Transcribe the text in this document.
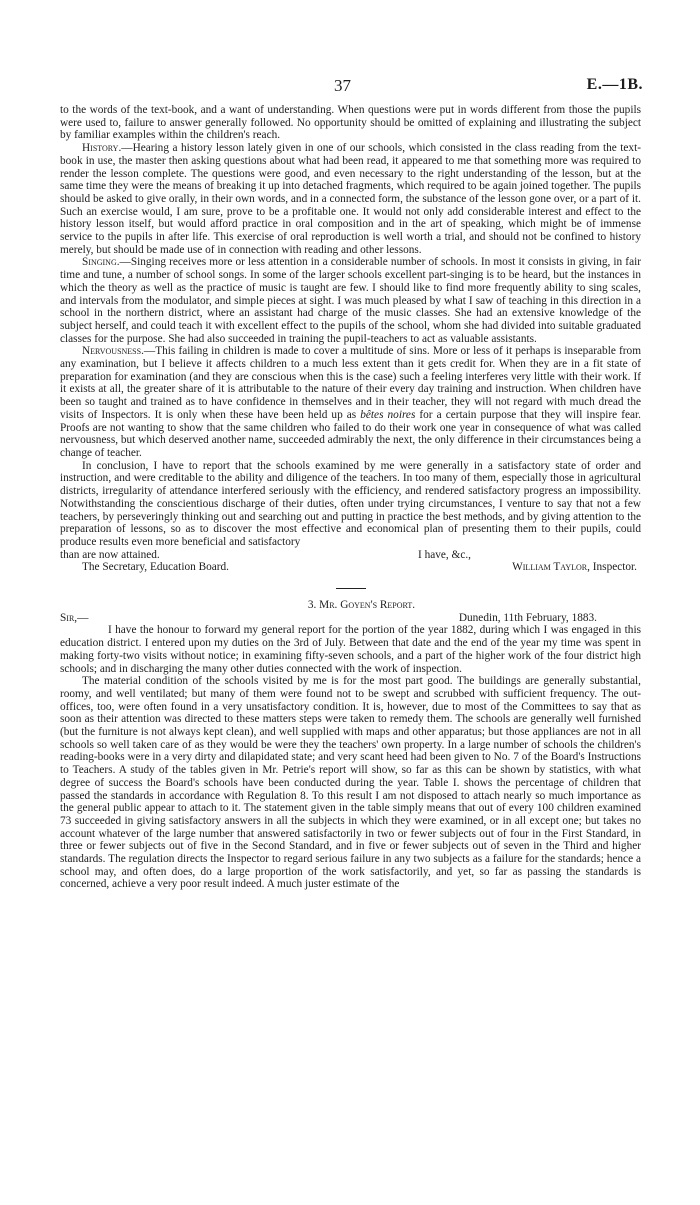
37	E.—1B.

to the words of the text-book, and a want of understanding. When questions were put in words different from those the pupils were used to, failure to answer generally followed. No opportunity should be omitted of explaining and illustrating the subject by familiar examples within the children's reach.

History.—Hearing a history lesson lately given in one of our schools, which consisted in the class reading from the text-book in use, the master then asking questions about what had been read, it appeared to me that something more was required to render the lesson complete. The questions were good, and even necessary to the right understanding of the lesson, but at the same time they were the means of breaking it up into detached fragments, which required to be again joined together. The pupils should be asked to give orally, in their own words, and in a connected form, the substance of the lesson gone over, or a part of it. Such an exercise would, I am sure, prove to be a profitable one. It would not only add considerable interest and effect to the history lesson itself, but would afford practice in oral composition and in the art of speaking, which might be of immense service to the pupils in after life. This exercise of oral reproduction is well worth a trial, and should not be confined to history merely, but should be made use of in connection with reading and other lessons.

Singing.—Singing receives more or less attention in a considerable number of schools. In most it consists in giving, in fair time and tune, a number of school songs. In some of the larger schools excellent part-singing is to be heard, but the instances in which the theory as well as the practice of music is taught are few. I should like to find more frequently ability to sing scales, and intervals from the modulator, and simple pieces at sight. I was much pleased by what I saw of teaching in this direction in a school in the northern district, where an assistant had charge of the music classes. She had an extensive knowledge of the subject herself, and could teach it with excellent effect to the pupils of the school, whom she had divided into suitable graduated classes for the purpose. She had also succeeded in training the pupil-teachers to act as valuable assistants.

Nervousness.—This failing in children is made to cover a multitude of sins. More or less of it perhaps is inseparable from any examination, but I believe it affects children to a much less extent than it gets credit for. When they are in a fit state of preparation for examination (and they are conscious when this is the case) such a feeling interferes very little with their work. If it exists at all, the greater share of it is attributable to the nature of their every day training and instruction. When children have been so taught and trained as to have confidence in themselves and in their teacher, they will not regard with much dread the visits of Inspectors. It is only when these have been held up as bêtes noires for a certain purpose that they will inspire fear. Proofs are not wanting to show that the same children who failed to do their work one year in consequence of what was called nervousness, but which deserved another name, succeeded admirably the next, the only difference in their circumstances being a change of teacher.

In conclusion, I have to report that the schools examined by me were generally in a satisfactory state of order and instruction, and were creditable to the ability and diligence of the teachers. In too many of them, especially those in agricultural districts, irregularity of attendance interfered seriously with the efficiency, and rendered satisfactory progress an impossibility. Notwithstanding the conscientious discharge of their duties, often under trying circumstances, I venture to say that not a few teachers, by perseveringly thinking out and searching out and putting in practice the best methods, and by giving attention to the preparation of lessons, so as to discover the most effective and economical plan of presenting them to their pupils, could produce results even more beneficial and satisfactory

than are now attained.	I have, &c.,
The Secretary, Education Board.	William Taylor, Inspector.

3. Mr. Goyen's Report.

Sir,—	Dunedin, 11th February, 1883.

I have the honour to forward my general report for the portion of the year 1882, during which I was engaged in this education district. I entered upon my duties on the 3rd of July. Between that date and the end of the year my time was spent in making forty-two visits without notice; in examining fifty-seven schools, and a part of the higher work of the four district high schools; and in discharging the many other duties connected with the work of inspection.

The material condition of the schools visited by me is for the most part good. The buildings are generally substantial, roomy, and well ventilated; but many of them were found not to be swept and scrubbed with sufficient frequency. The out-offices, too, were often found in a very unsatisfactory condition. It is, however, due to most of the Committees to say that as soon as their attention was directed to these matters steps were taken to remedy them. The schools are generally well furnished (but the furniture is not always kept clean), and well supplied with maps and other apparatus; but those appliances are not in all schools so well taken care of as they would be were they the teachers' own property. In a large number of schools the children's reading-books were in a very dirty and dilapidated state; and very scant heed had been given to No. 7 of the Board's Instructions to Teachers. A study of the tables given in Mr. Petrie's report will show, so far as this can be shown by statistics, with what degree of success the Board's schools have been conducted during the year. Table I. shows the percentage of children that passed the standards in accordance with Regulation 8. To this result I am not disposed to attach nearly so much importance as the general public appear to attach to it. The statement given in the table simply means that out of every 100 children examined 73 succeeded in giving satisfactory answers in all the subjects in which they were examined, or in all except one; but takes no account whatever of the large number that answered satisfactorily in two or fewer subjects out of four in the First Standard, in three or fewer subjects out of five in the Second Standard, and in five or fewer subjects out of seven in the Third and higher standards. The regulation directs the Inspector to regard serious failure in any two subjects as a failure for the standards; hence a school may, and often does, do a large proportion of the work satisfactorily, and yet, so far as passing the standards is concerned, achieve a very poor result indeed. A much juster estimate of the
